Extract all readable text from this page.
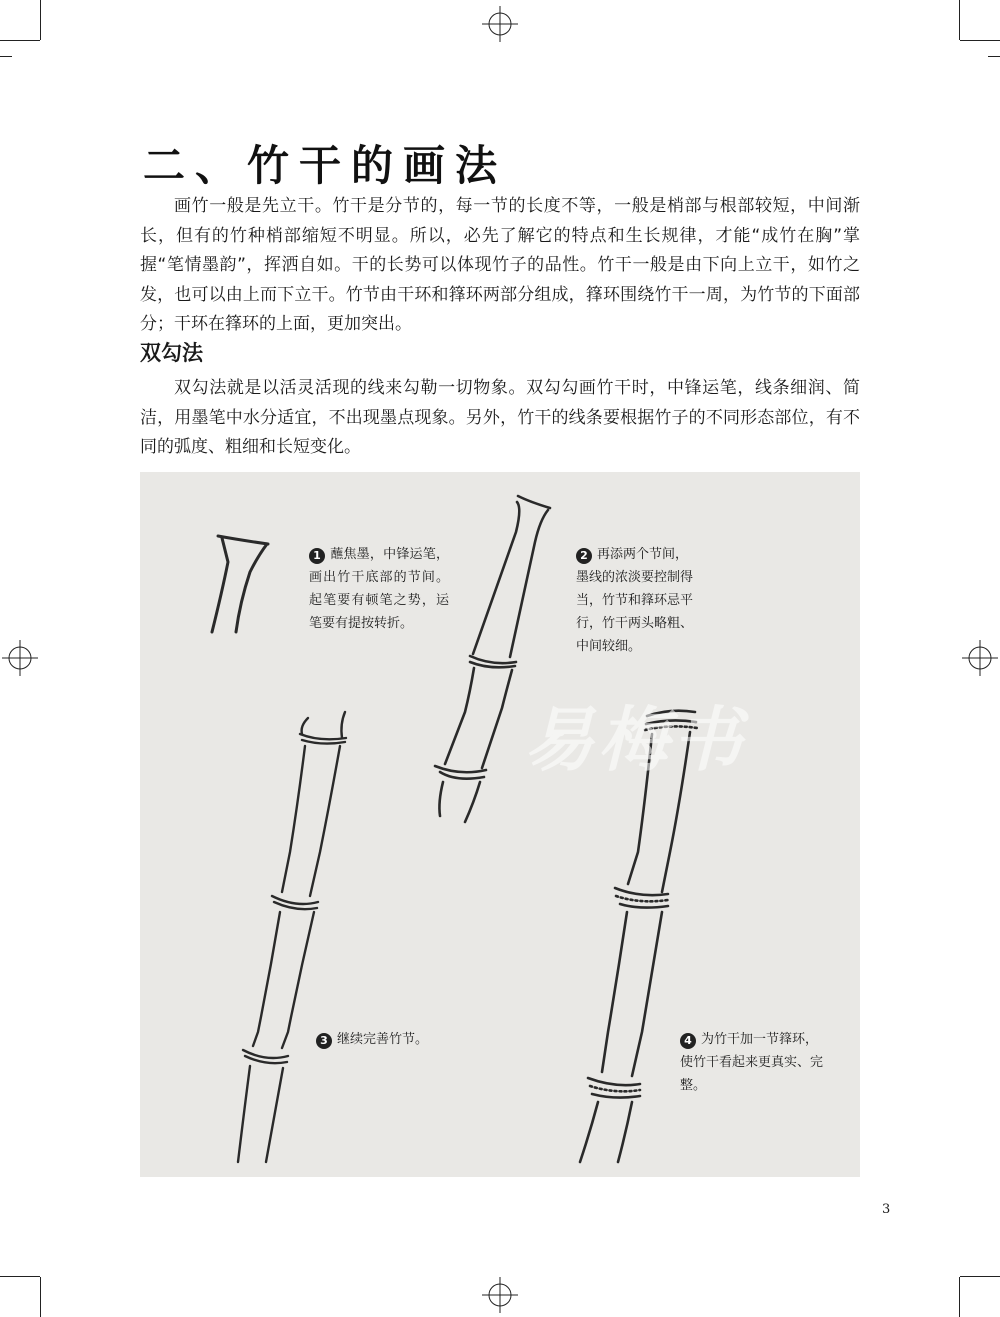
二、竹干的画法

画竹一般是先立干。竹干是分节的，每一节的长度不等，一般是梢部与根部较短，中间渐长，但有的竹种梢部缩短不明显。所以，必先了解它的特点和生长规律，才能“成竹在胸”掌握“笔情墨韵”，挥洒自如。干的长势可以体现竹子的品性。竹干一般是由下向上立干，如竹之发，也可以由上而下立干。竹节由干环和箨环两部分组成，箨环围绕竹干一周，为竹节的下面部分；干环在箨环的上面，更加突出。

双勾法

双勾法就是以活灵活现的线来勾勒一切物象。双勾勾画竹干时，中锋运笔，线条细润、简洁，用墨笔中水分适宜，不出现墨点现象。另外，竹干的线条要根据竹子的不同形态部位，有不同的弧度、粗细和长短变化。

易梅书
1 蘸焦墨，中锋运笔，画出竹干底部的节间。起笔要有顿笔之势，运笔要有提按转折。
2 再添两个节间，墨线的浓淡要控制得当，竹节和箨环忌平行，竹干两头略粗、中间较细。
3 继续完善竹节。	4 为竹干加一节箨环，使竹干看起来更真实、完整。
3
